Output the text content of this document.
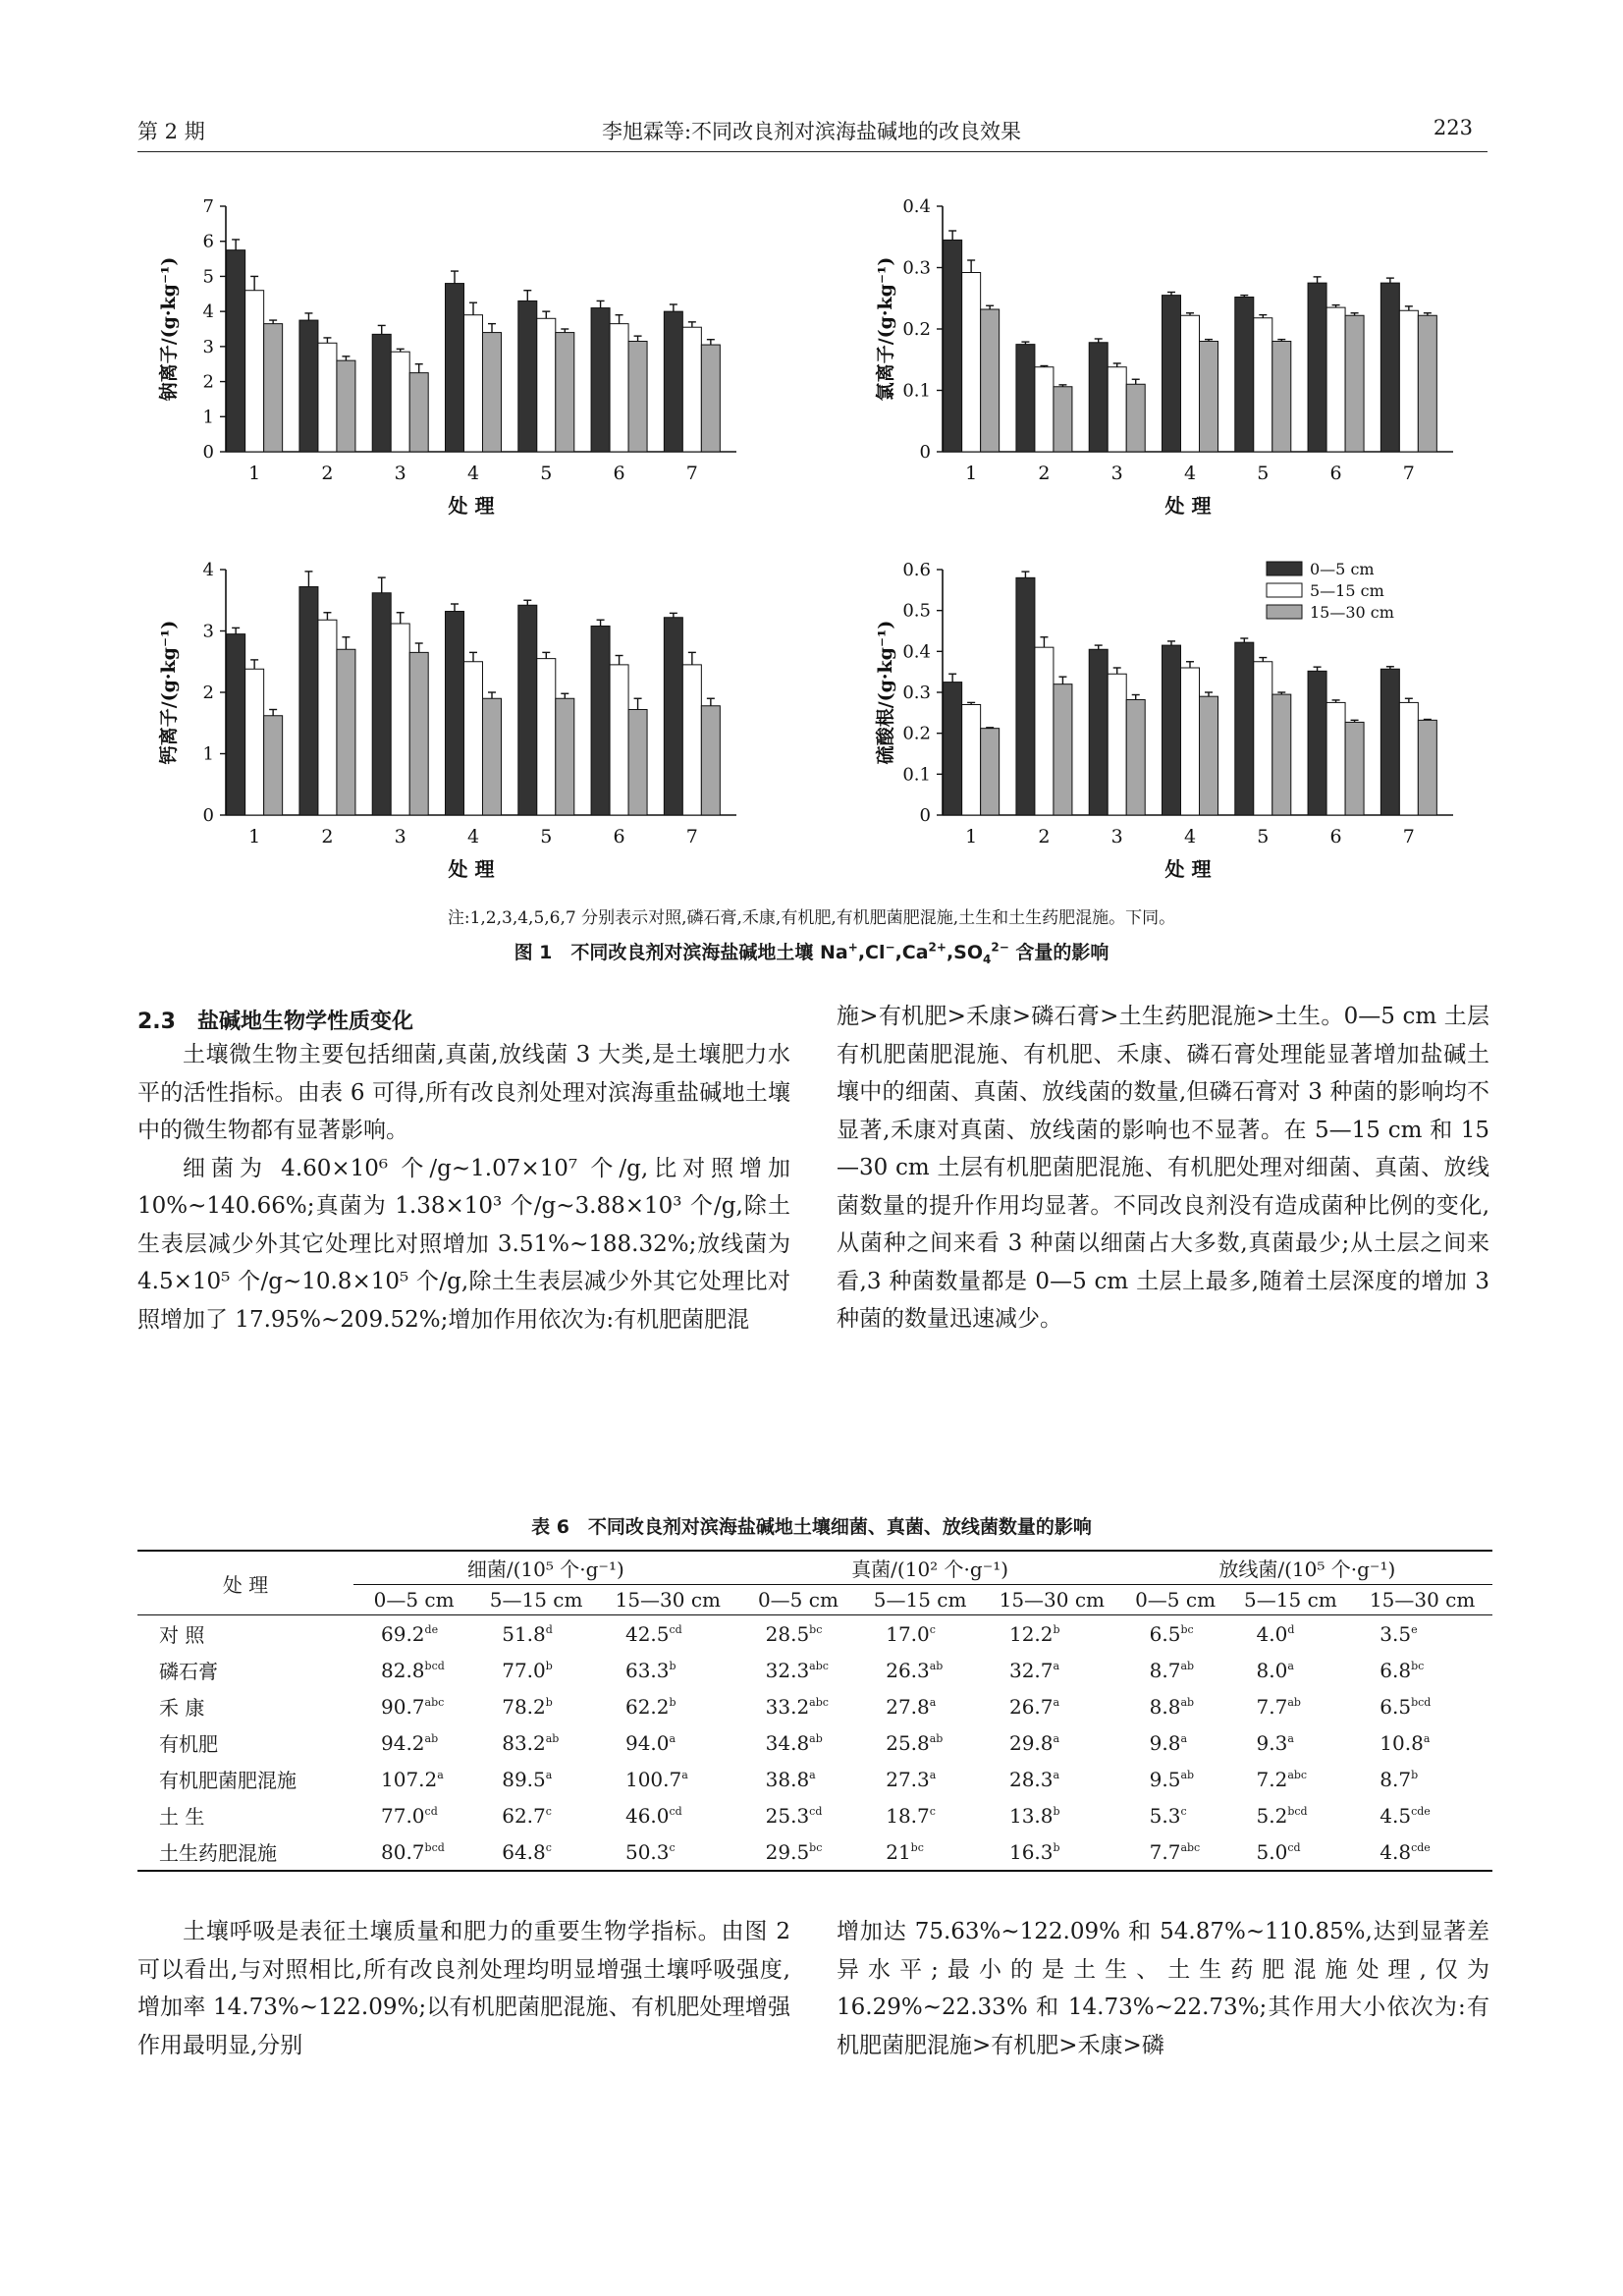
第 2 期	李旭霖等:不同改良剂对滨海盐碱地的改良效果	223
0
1
2
3
4
5
6
7
1	2	3	4	5	6	7
处 理
钠离子/(g·kg⁻¹)
0
0.1
0.2
0.3
0.4
1	2	3	4	5	6	7
处 理
氯离子/(g·kg⁻¹)
0
1
2
3
4
1	2	3	4	5	6	7
处 理
钙离子/(g·kg⁻¹)
0
0.1
0.2
0.3
0.4
0.5
0.6
1	2	3	4	5	6	7
处 理
硫酸根/(g·kg⁻¹)
0—5 cm
5—15 cm
15—30 cm
注:1,2,3,4,5,6,7 分别表示对照,磷石膏,禾康,有机肥,有机肥菌肥混施,土生和土生药肥混施。下同。
图 1　不同改良剂对滨海盐碱地土壤 $Na^+,Cl^-,Ca^{2+},SO_4^{2-}$ 含量的影响
2.3　盐碱地生物学性质变化

土壤微生物主要包括细菌,真菌,放线菌 3 大类,是土壤肥力水平的活性指标。由表 6 可得,所有改良剂处理对滨海重盐碱地土壤中的微生物都有显著影响。

细菌为 4.60×10⁶ 个/g~1.07×10⁷ 个/g,比对照增加 10%~140.66%;真菌为 1.38×10³ 个/g~3.88×10³ 个/g,除土生表层减少外其它处理比对照增加 3.51%~188.32%;放线菌为 4.5×10⁵ 个/g~10.8×10⁵ 个/g,除土生表层减少外其它处理比对照增加了 17.95%~209.52%;增加作用依次为:有机肥菌肥混

施>有机肥>禾康>磷石膏>土生药肥混施>土生。0—5 cm 土层有机肥菌肥混施、有机肥、禾康、磷石膏处理能显著增加盐碱土壤中的细菌、真菌、放线菌的数量,但磷石膏对 3 种菌的影响均不显著,禾康对真菌、放线菌的影响也不显著。在 5—15 cm 和 15—30 cm 土层有机肥菌肥混施、有机肥处理对细菌、真菌、放线菌数量的提升作用均显著。不同改良剂没有造成菌种比例的变化,从菌种之间来看 3 种菌以细菌占大多数,真菌最少;从土层之间来看,3 种菌数量都是 0—5 cm 土层上最多,随着土层深度的增加 3 种菌的数量迅速减少。

表 6　不同改良剂对滨海盐碱地土壤细菌、真菌、放线菌数量的影响
处 理	细菌/(10⁵ 个·g⁻¹)			真菌/(10² 个·g⁻¹)			放线菌/(10⁵ 个·g⁻¹)		
	0—5 cm	5—15 cm	15—30 cm	0—5 cm	5—15 cm	15—30 cm	0—5 cm	5—15 cm	15—30 cm
对 照	69.2de	51.8$^d$	42.5$^{cd}$	28.5$^{bc}$	17.0$^c$	12.2$^b$	6.5$^{bc}$	4.0$^d$	3.5e
磷石膏	82.8$^{bcd}$	77.0$^b$	63.3$^b$	32.3$^{abc}$	26.3$^{ab}$	32.7$^a$	8.7$^{ab}$	8.0$^a$	6.8$^{bc}$
禾 康	90.7$^{abc}$	78.2$^b$	62.2$^b$	33.2$^{abc}$	27.8$^a$	26.7$^a$	8.8$^{ab}$	7.7$^{ab}$	6.5$^{bcd}$
有机肥	94.2$^{ab}$	83.2$^{ab}$	94.0$^a$	34.8$^{ab}$	25.8$^{ab}$	29.8$^a$	9.8$^a$	9.3$^a$	10.8$^a$
有机肥菌肥混施	107.2$^a$	89.5$^a$	100.7$^a$	38.8$^a$	27.3$^a$	28.3$^a$	9.5$^{ab}$	7.2$^{abc}$	8.7$^b$
土 生	77.0$^{cd}$	62.7$^c$	46.0$^{cd}$	25.3$^{cd}$	18.7$^c$	13.8$^b$	5.3$^c$	5.2$^{bcd}$	4.5$^{cde}$
土生药肥混施	80.7$^{bcd}$	64.8$^c$	50.3$^c$	29.5$^{bc}$	$21^{bc}$	16.3$^b$	7.7$^{abc}$	5.0$^{cd}$	4.8$^{cde}$

土壤呼吸是表征土壤质量和肥力的重要生物学指标。由图 2 可以看出,与对照相比,所有改良剂处理均明显增强土壤呼吸强度,增加率 14.73%~122.09%;以有机肥菌肥混施、有机肥处理增强作用最明显,分别

增加达 75.63%~122.09% 和 54.87%~110.85%,达到显著差异水平;最小的是土生、土生药肥混施处理,仅为 16.29%~22.33% 和 14.73%~22.73%;其作用大小依次为:有机肥菌肥混施>有机肥>禾康>磷
